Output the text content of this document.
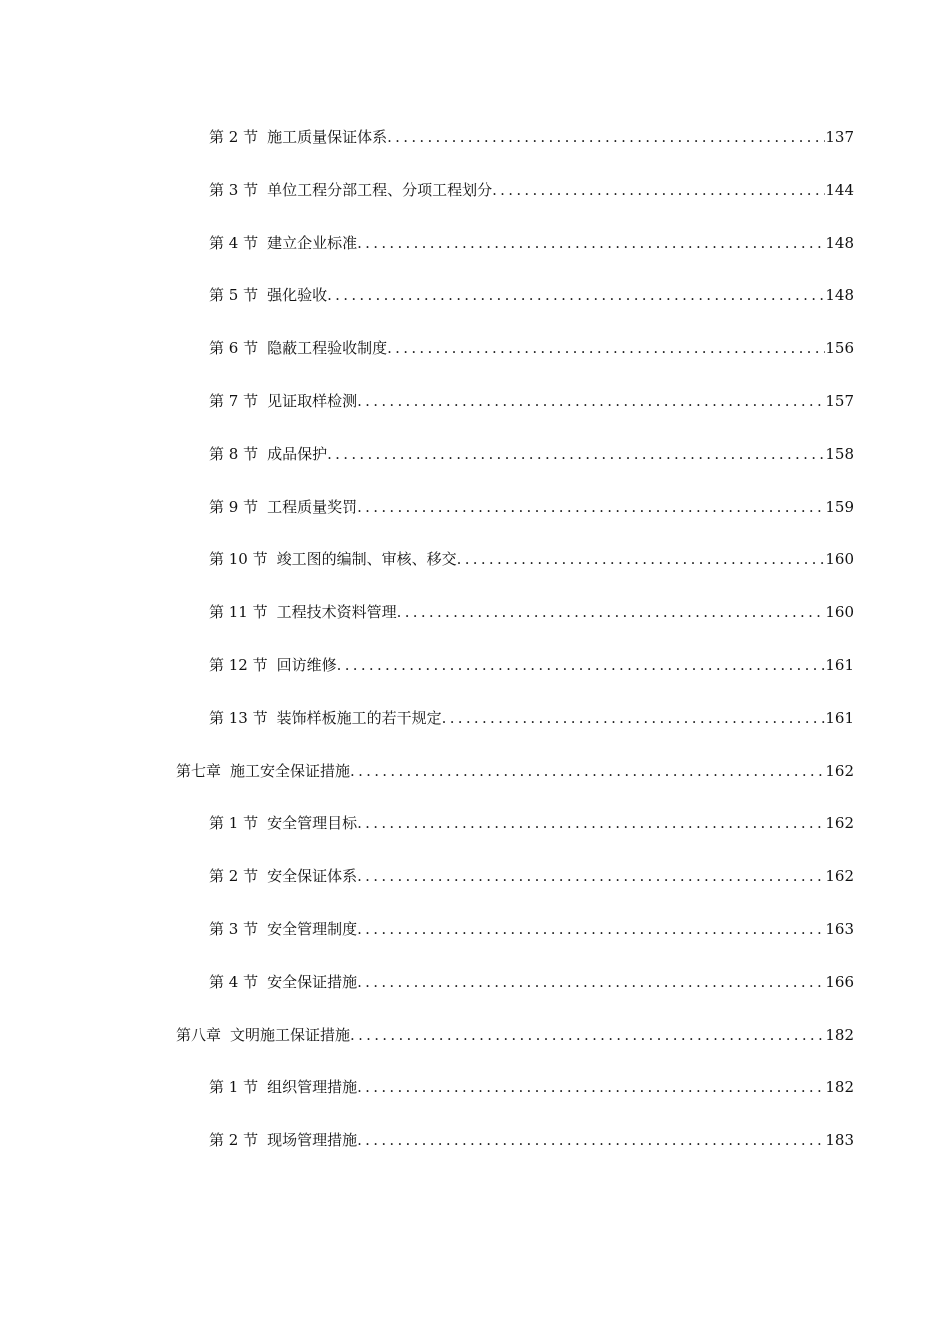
第 2 节 施工质量保证体系 .....	137
第 3 节 单位工程分部工程、分项工程划分 .....	144
第 4 节 建立企业标准 .....	148
第 5 节 强化验收 .....	148
第 6 节 隐蔽工程验收制度 .....	156
第 7 节 见证取样检测 .....	157
第 8 节 成品保护 .....	158
第 9 节 工程质量奖罚 .....	159
第 10 节 竣工图的编制、审核、移交 .....	160
第 11 节 工程技术资料管理 .....	160
第 12 节 回访维修 .....	161
第 13 节 装饰样板施工的若干规定 .....	161
第七章 施工安全保证措施 .....	162
第 1 节 安全管理目标 .....	162
第 2 节 安全保证体系 .....	162
第 3 节 安全管理制度 .....	163
第 4 节 安全保证措施 .....	166
第八章 文明施工保证措施 .....	182
第 1 节 组织管理措施 .....	182
第 2 节 现场管理措施 .....	183
